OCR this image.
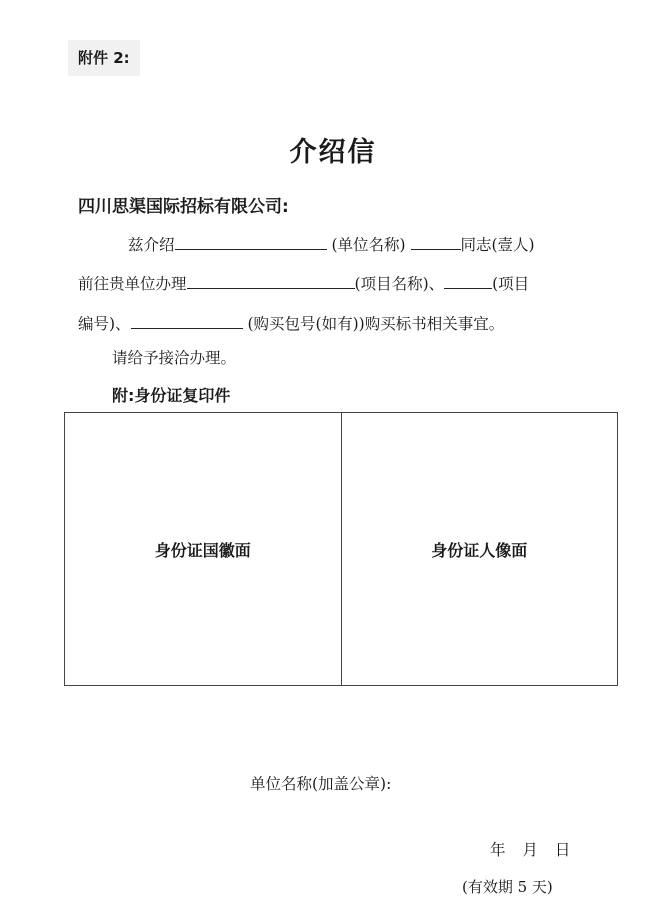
附件 2:
介绍信
四川思渠国际招标有限公司:
兹介绍	(单位名称)	同志(壹人)
前往贵单位办理	(项目名称)、	(项目
编号)、	(购买包号(如有))购买标书相关事宜。
请给予接洽办理。
附:身份证复印件
身份证国徽面	身份证人像面
单位名称(加盖公章):
年 月 日
(有效期 5 天)
